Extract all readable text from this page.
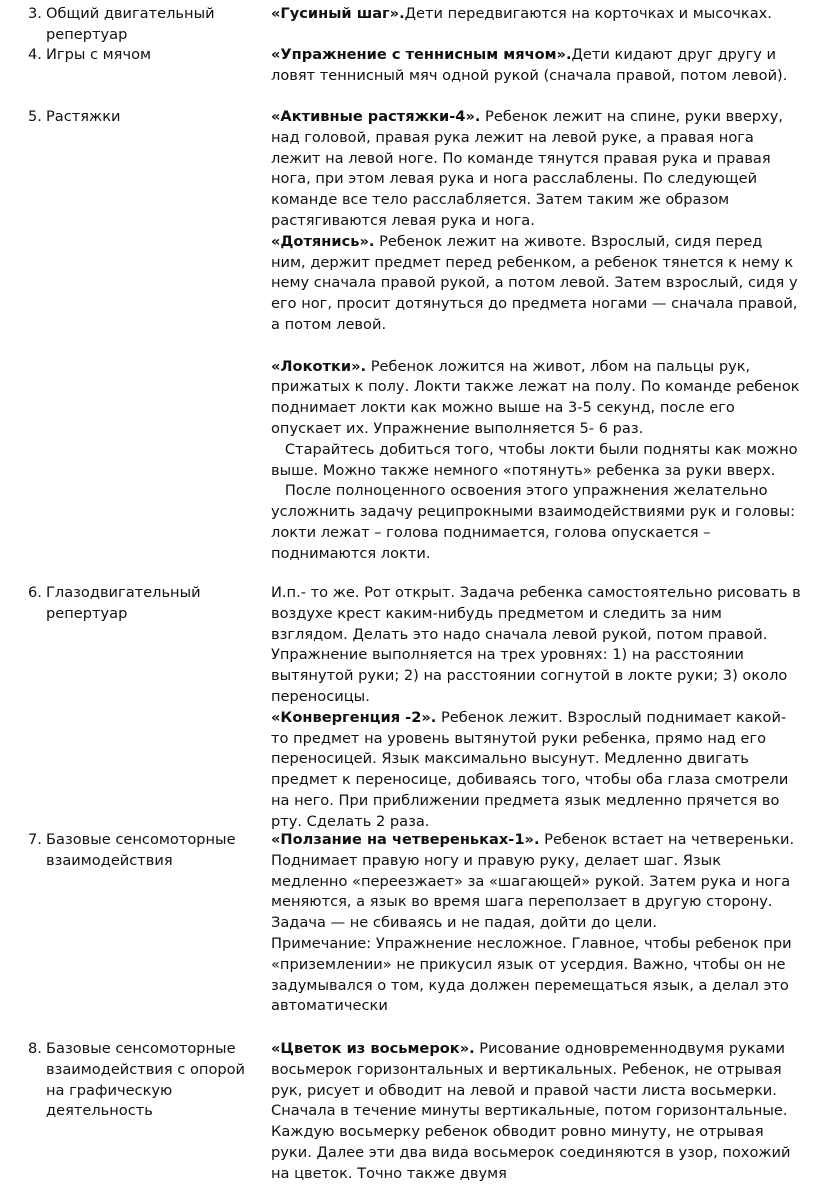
3. Общий двигательный репертуар

«Гусиный шаг».Дети передвигаются на корточках и мысочках.

4. Игры с мячом	«Упражнение с теннисным мячом».Дети кидают друг другу и ловят теннисный мяч одной рукой (сначала правой, потом левой).

5. Растяжки	«Активные растяжки-4». Ребенок лежит на спине, руки вверху, над головой, правая рука лежит на левой руке, а правая нога лежит на левой ноге. По команде тянутся правая рука и правая нога, при этом левая рука и нога расслаблены. По следующей команде все тело расслабляется. Затем таким же образом растягиваются левая рука и нога.

«Дотянись». Ребенок лежит на животе. Взрослый, сидя перед ним, держит предмет перед ребенком, а ребенок тянется к нему к нему сначала правой рукой, а потом левой. Затем взрослый, сидя у его ног, просит дотянуться до предмета ногами — сначала правой, а потом левой.

«Локотки». Ребенок ложится на живот, лбом на пальцы рук, прижатых к полу. Локти также лежат на полу. По команде ребенок поднимает локти как можно выше на 3-5 секунд, после его опускает их. Упражнение выполняется 5- 6 раз.

Старайтесь добиться того, чтобы локти были подняты как можно выше. Можно также немного «потянуть» ребенка за руки вверх.

После полноценного освоения этого упражнения желательно усложнить задачу реципрокными взаимодействиями рук и головы: локти лежат – голова поднимается, голова опускается – поднимаются локти.

6. Глазодвигательный репертуар

И.п.- то же. Рот открыт. Задача ребенка самостоятельно рисовать в воздухе крест каким-нибудь предметом и следить за ним взглядом. Делать это надо сначала левой рукой, потом правой. Упражнение выполняется на трех уровнях: 1) на расстоянии вытянутой руки; 2) на расстоянии согнутой в локте руки; 3) около переносицы.

«Конвергенция -2». Ребенок лежит. Взрослый поднимает какой-то предмет на уровень вытянутой руки ребенка, прямо над его переносицей. Язык максимально высунут. Медленно двигать предмет к переносице, добиваясь того, чтобы оба глаза смотрели на него. При приближении предмета язык медленно прячется во рту. Сделать 2 раза.

7. Базовые сенсомоторные взаимодействия

«Ползание на четвереньках-1». Ребенок встает на четвереньки. Поднимает правую ногу и правую руку, делает шаг. Язык медленно «переезжает» за «шагающей» рукой. Затем рука и нога меняются, а язык во время шага переползает в другую сторону. Задача — не сбиваясь и не падая, дойти до цели.

Примечание: Упражнение несложное. Главное, чтобы ребенок при «приземлении» не прикусил язык от усердия. Важно, чтобы он не задумывался о том, куда должен перемещаться язык, а делал это автоматически

8. Базовые сенсомоторные взаимодействия с опорой на графическую деятельность

«Цветок из восьмерок». Рисование одновременнодвумя руками восьмерок горизонтальных и вертикальных. Ребенок, не отрывая рук, рисует и обводит на левой и правой части листа восьмерки. Сначала в течение минуты вертикальные, потом горизонтальные. Каждую восьмерку ребенок обводит ровно минуту, не отрывая руки. Далее эти два вида восьмерок соединяются в узор, похожий на цветок. Точно также двумя
